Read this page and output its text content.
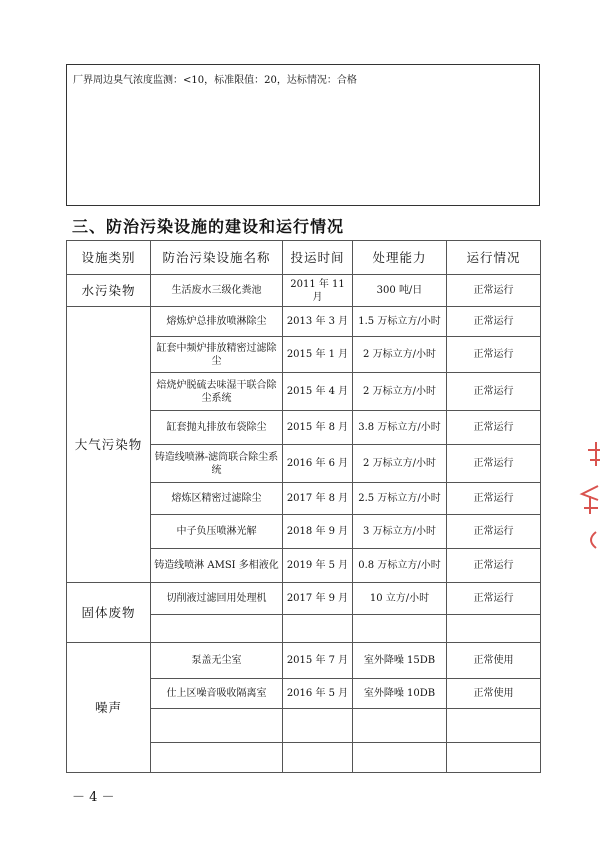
厂界周边臭气浓度监测：<10，标准限值：20，达标情况：合格
三、防治污染设施的建设和运行情况
设施类别	防治污染设施名称	投运时间	处理能力	运行情况
水污染物	生活废水三级化粪池	2011 年 11 月	300 吨/日	正常运行
大气污染物	熔炼炉总排放喷淋除尘	2013 年 3 月	1.5 万标立方/小时	正常运行
	缸套中频炉排放精密过滤除尘	2015 年 1 月	2 万标立方/小时	正常运行
	焙烧炉脱硫去味湿干联合除尘系统	2015 年 4 月	2 万标立方/小时	正常运行
	缸套抛丸排放布袋除尘	2015 年 8 月	3.8 万标立方/小时	正常运行
	铸造线喷淋-滤筒联合除尘系统	2016 年 6 月	2 万标立方/小时	正常运行
	熔炼区精密过滤除尘	2017 年 8 月	2.5 万标立方/小时	正常运行
	中子负压喷淋光解	2018 年 9 月	3 万标立方/小时	正常运行
	铸造线喷淋 AMSI 多相液化	2019 年 5 月	0.8 万标立方/小时	正常运行
固体废物	切削液过滤回用处理机	2017 年 9 月	10 立方/小时	正常运行

噪声	泵盖无尘室	2015 年 7 月	室外降噪 15DB	正常使用
	仕上区噪音吸收隔离室	2016 年 5 月	室外降噪 10DB	正常使用

－ 4 －
